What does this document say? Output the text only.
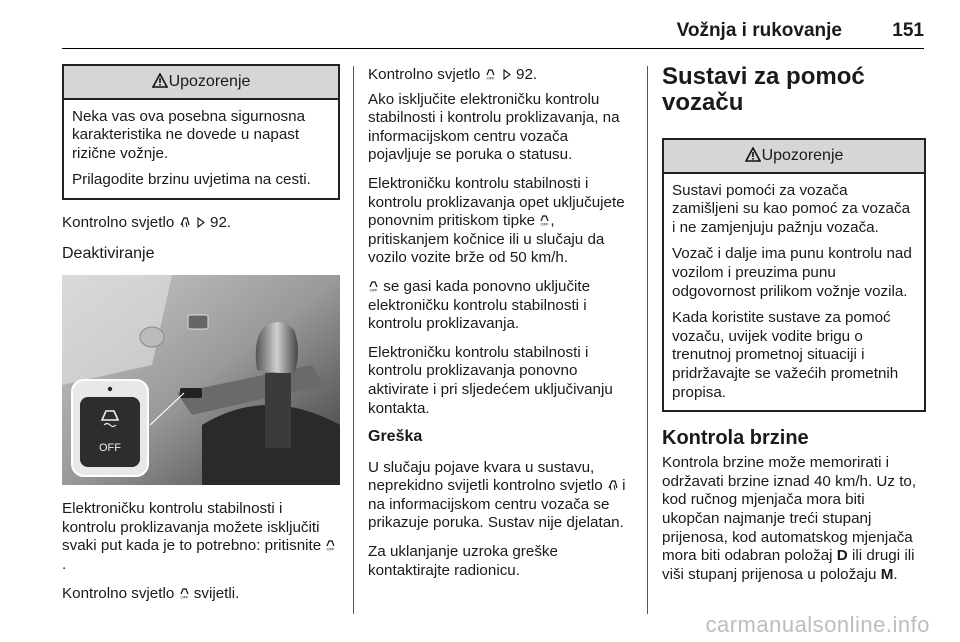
Vožnja i rukovanje	151
Upozorenje

Neka vas ova posebna sigurnosna karakteristika ne dovede u napast rizične vožnje.

Prilagodite brzinu uvjetima na cesti.

Kontrolno svjetlo 92.

Deaktiviranje
OFF

Elektroničku kontrolu stabilnosti i kontrolu proklizavanja možete isključiti svaki put kada je to potrebno: pritisnite OFF
.

Kontrolno svjetlo OFF svijetli.

Kontrolno svjetlo OFF 92.

Ako isključite elektroničku kontrolu stabilnosti i kontrolu proklizavanja, na informacijskom centru vozača pojavljuje se poruka o statusu.

Elektroničku kontrolu stabilnosti i kontrolu proklizavanja opet uključujete ponovnim pritiskom tipke OFF , pritiskanjem kočnice ili u slučaju da vozilo vozite brže od 50 km/h.

OFF se gasi kada ponovno uključite elektroničku kontrolu stabilnosti i kontrolu proklizavanja.

Elektroničku kontrolu stabilnosti i kontrolu proklizavanja ponovno aktivirate i pri sljedećem uključivanju kontakta.

Greška

U slučaju pojave kvara u sustavu, neprekidno svijetli kontrolno svjetlo i na informacijskom centru vozača se prikazuje poruka. Sustav nije djelatan.

Za uklanjanje uzroka greške kontaktirajte radionicu.

Sustavi za pomoć vozaču
Upozorenje

Sustavi pomoći za vozača zamišljeni su kao pomoć za vozača i ne zamjenjuju pažnju vozača.

Vozač i dalje ima punu kontrolu nad vozilom i preuzima punu odgovornost prilikom vožnje vozila.

Kada koristite sustave za pomoć vozaču, uvijek vodite brigu o trenutnoj prometnoj situaciji i pridržavajte se važećih prometnih propisa.

Kontrola brzine

Kontrola brzine može memorirati i održavati brzine iznad 40 km/h. Uz to, kod ručnog mjenjača mora biti ukopčan najmanje treći stupanj prijenosa, kod automatskog mjenjača mora biti odabran položaj D ili drugi ili viši stupanj prijenosa u položaju M.

carmanualsonline.info
